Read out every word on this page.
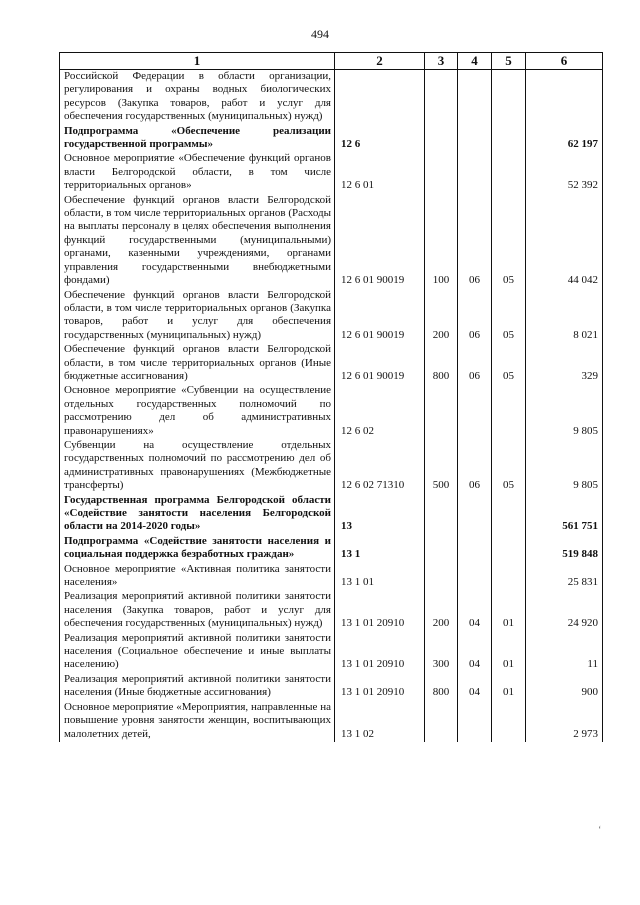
494
1	2	3	4	5	6
Российской Федерации в области организации, регулирования и охраны водных биологических ресурсов (Закупка товаров, работ и услуг для обеспечения государственных (муниципальных) нужд)					
Подпрограмма «Обеспечение реализации государственной программы»	12 6				62 197
Основное мероприятие «Обеспечение функций органов власти Белгородской области, в том числе территориальных органов»	12 6 01				52 392
Обеспечение функций органов власти Белгородской области, в том числе территориальных органов (Расходы на выплаты персоналу в целях обеспечения выполнения функций государственными (муниципальными) органами, казенными учреждениями, органами управления государственными внебюджетными фондами)	12 6 01 90019	100	06	05	44 042
Обеспечение функций органов власти Белгородской области, в том числе территориальных органов (Закупка товаров, работ и услуг для обеспечения государственных (муниципальных) нужд)	12 6 01 90019	200	06	05	8 021
Обеспечение функций органов власти Белгородской области, в том числе территориальных органов (Иные бюджетные ассигнования)	12 6 01 90019	800	06	05	329
Основное мероприятие «Субвенции на осуществление отдельных государственных полномочий по рассмотрению дел об административных правонарушениях»	12 6 02				9 805
Субвенции на осуществление отдельных государственных полномочий по рассмотрению дел об административных правонарушениях (Межбюджетные трансферты)	12 6 02 71310	500	06	05	9 805
Государственная программа Белгородской области «Содействие занятости населения Белгородской области на 2014-2020 годы»	13				561 751
Подпрограмма «Содействие занятости населения и социальная поддержка безработных граждан»	13 1				519 848
Основное мероприятие «Активная политика занятости населения»	13 1 01				25 831
Реализация мероприятий активной политики занятости населения (Закупка товаров, работ и услуг для обеспечения государственных (муниципальных) нужд)	13 1 01 20910	200	04	01	24 920
Реализация мероприятий активной политики занятости населения (Социальное обеспечение и иные выплаты населению)	13 1 01 20910	300	04	01	11
Реализация мероприятий активной политики занятости населения (Иные бюджетные ассигнования)	13 1 01 20910	800	04	01	900
Основное мероприятие «Мероприятия, направленные на повышение уровня занятости женщин, воспитывающих малолетних детей,	13 1 02				2 973
‘
